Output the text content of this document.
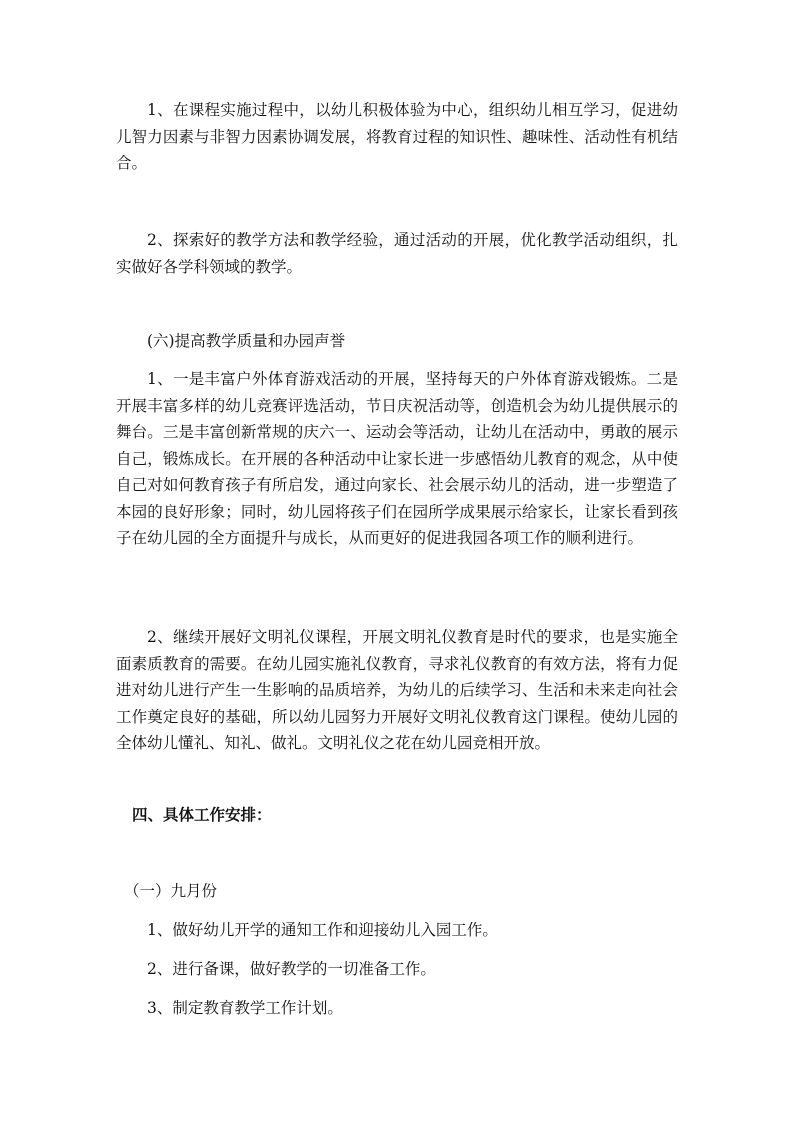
1、在课程实施过程中，以幼儿积极体验为中心，组织幼儿相互学习，促进幼儿智力因素与非智力因素协调发展，将教育过程的知识性、趣味性、活动性有机结合。

2、探索好的教学方法和教学经验，通过活动的开展，优化教学活动组织，扎实做好各学科领域的教学。

(六)提高教学质量和办园声誉

1、一是丰富户外体育游戏活动的开展，坚持每天的户外体育游戏锻炼。二是开展丰富多样的幼儿竞赛评选活动，节日庆祝活动等，创造机会为幼儿提供展示的舞台。三是丰富创新常规的庆六一、运动会等活动，让幼儿在活动中，勇敢的展示自己，锻炼成长。在开展的各种活动中让家长进一步感悟幼儿教育的观念，从中使自己对如何教育孩子有所启发，通过向家长、社会展示幼儿的活动，进一步塑造了本园的良好形象；同时，幼儿园将孩子们在园所学成果展示给家长，让家长看到孩子在幼儿园的全方面提升与成长，从而更好的促进我园各项工作的顺利进行。

2、继续开展好文明礼仪课程，开展文明礼仪教育是时代的要求，也是实施全面素质教育的需要。在幼儿园实施礼仪教育，寻求礼仪教育的有效方法，将有力促进对幼儿进行产生一生影响的品质培养，为幼儿的后续学习、生活和未来走向社会工作奠定良好的基础，所以幼儿园努力开展好文明礼仪教育这门课程。使幼儿园的全体幼儿懂礼、知礼、做礼。文明礼仪之花在幼儿园竞相开放。

四、具体工作安排：

（一）九月份

1、做好幼儿开学的通知工作和迎接幼儿入园工作。

2、进行备课，做好教学的一切准备工作。

3、制定教育教学工作计划。
